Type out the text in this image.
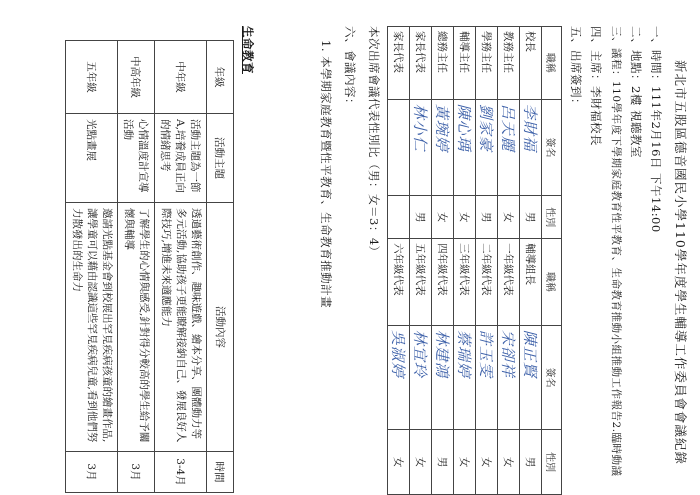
新北市五股區德音國民小學110學年度學生輔導工作委員會會議紀錄
一、時間：111年2月16日 下午14:00
二、地點：2樓 視聽教室
三、議程：110學年度下學期家庭教育性平教育、生命教育推動小組推動工作報告2.臨時動議
四、主席：李財福校長
五、出席簽到：
職稱	簽名	性別	職稱	簽名	性別
校長	李財福	男	輔導組長	陳正賢	男
教務主任	呂天麗	女	一年級代表	宋卻祥	女
學務主任	劉家豪	男	二年級代表	許玉雯	女
輔導主任	陳心瑀	女	三年級代表	蔡瑞婷	女
總務主任	黃琬婷	女	四年級代表	林建鴻	男
家長代表	林小仁	男	五年級代表	林宜玲	女
家長代表			六年級代表	吳淑婷	女
本次出席會議代表性別比（男：女＝3：4）
六、會議內容：
1. 本學期家庭教育暨性平教育、生命教育推動計畫
生命教育
年級	活動主題	活動內容	時間
中年級	活動主題為一節A,培養成員正向的情緒思考	透過藝術創作、趣味遊戲、繪本分享、團體動力等多元活動,協助孩子更能瞭解接納自己、發展良好人際技巧,增進未來適應能力	3-4月
中高年級	心情溫度計宣導活動	了解學生的心情與感受,針對得分較高的學生給予關懷與輔導	3月
五年級	光點畫展	邀請光點基金會到校展出罕見疾病孩童的繪畫作品,讓學童可以藉由認識這些罕見疾病兒童,看到他們努力散發出的生命力	3月
